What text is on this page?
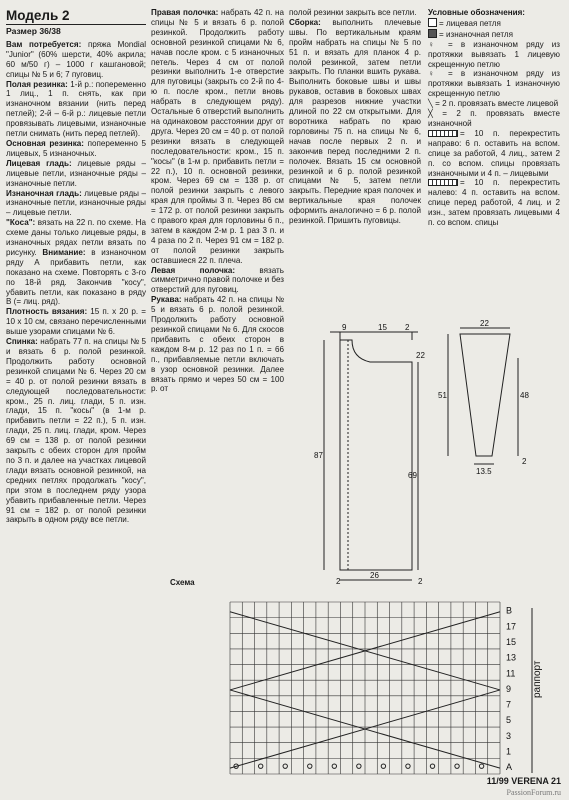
Модель 2
Размер 36/38

Вам потребуется: пряжа Mondial "Junior" (60% шерсти, 40% акрила; 60 м/50 г) – 1000 г кашгановой; спицы № 5 и 6; 7 пуговиц.

Полая резинка: 1-й р.: попеременно 1 лиц., 1 п. снять, как при изнаночном вязании (нить перед петлей); 2-й – 6-й р.: лицевые петли провязывать лицевыми, изнаночные петли снимать (нить перед петлей).

Основная резинка: попеременно 5 лицевых, 5 изнаночных.

Лицевая гладь: лицевые ряды – лицевые петли, изнаночные ряды – изнаночные петли.

Изнаночная гладь: лицевые ряды – изнаночные петли, изнаночные ряды – лицевые петли.

"Коса": вязать на 22 п. по схеме. На схеме даны только лицевые ряды, в изнаночных рядах петли вязать по рисунку. Внимание: в изнаночном ряду А прибавить петли, как показано на схеме. Повторять с 3-го по 18-й ряд. Закончив "косу", убавить петли, как показано в ряду В (= лиц. ряд).

Плотность вязания: 15 п. х 20 р. = 10 х 10 см, связано перечисленными выше узорами спицами № 6.

Спинка: набрать 77 п. на спицы № 5 и вязать 6 р. полой резинкой. Продолжить работу основной резинкой спицами № 6. Через 20 см = 40 р. от полой резинки вязать в следующей последовательности: кром., 25 п. лиц. глади, 5 п. изн. глади, 15 п. "косы" (в 1-м р. прибавить петли = 22 п.), 5 п. изн. глади, 25 п. лиц. глади, кром. Через 69 см = 138 р. от полой резинки закрыть с обеих сторон для пройм по 3 п. и далее на участках лицевой глади вязать основной резинкой, на средних петлях продолжать "косу", при этом в последнем ряду узора убавить прибавленные петли. Через 91 см = 182 р. от полой резинки закрыть в одном ряду все петли.

Правая полочка: набрать 42 п. на спицы № 5 и вязать 6 р. полой резинкой. Продолжить работу основной резинкой спицами № 6, начав после кром. с 5 изнаночных петель. Через 4 см от полой резинки выполнить 1-е отверстие для пуговицы (закрыть со 2-й по 4-ю п. после кром., петли вновь набрать в следующем ряду). Остальные 6 отверстий выполнить на одинаковом расстоянии друг от друга. Через 20 см = 40 р. от полой резинки вязать в следующей последовательности: кром., 15 п. "косы" (в 1-м р. прибавить петли = 22 п.), 10 п. основной резинки, кром. Через 69 см = 138 р. от полой резинки закрыть с левого края для проймы 3 п. Через 86 см = 172 р. от полой резинки закрыть с правого края для горловины 6 п., затем в каждом 2-м р. 1 раз 3 п. и 4 раза по 2 п. Через 91 см = 182 р. от полой резинки закрыть оставшиеся 22 п. плеча.

Левая полочка: вязать симметрично правой полочке и без отверстий для пуговиц.

Рукава: набрать 42 п. на спицы № 5 и вязать 6 р. полой резинкой. Продолжить работу основной резинкой спицами № 6. Для скосов прибавить с обеих сторон в каждом 8-м р. 12 раз по 1 п. = 66 п., прибавляемые петли включать в узор основной резинки. Далее вязать прямо и через 50 см = 100 р. от

полой резинки закрыть все петли.

Сборка: выполнить плечевые швы. По вертикальным краям пройм набрать на спицы № 5 по 51 п. и вязать для планок 4 р. полой резинкой, затем петли закрыть. По планки вшить рукава. Выполнить боковые швы и швы рукавов, оставив в боковых швах для разрезов нижние участки длиной по 22 см открытыми. Для воротника набрать по краю горловины 75 п. на спицы № 6, начав после первых 2 п. и закончив перед последними 2 п. полочек. Вязать 15 см основной резинкой и 6 р. полой резинкой спицами № 5, затем петли закрыть. Передние края полочек и вертикальные края полочек оформить аналогично = 6 р. полой резинкой. Пришить пуговицы.

Условные обозначения:

= лицевая петля

= изнаночная петля

♀ = в изнаночном ряду из протяжки вывязать 1 лицевую скрещенную петлю

♀ = в изнаночном ряду из протяжки вывязать 1 изнаночную скрещенную петлю

╲ = 2 п. провязать вместе лицевой

╳ = 2 п. провязать вместе изнаночной

= 10 п. перекрестить направо: 6 п. оставить на вспом. спице за работой, 4 лиц., затем 2 п. со вспом. спицы провязать изнаночными и 4 п. – лицевыми

= 10 п. перекрестить налево: 4 п. оставить на вспом. спице перед работой, 4 лиц. и 2 изн., затем провязать лицевыми 4 п. со вспом. спицы

9	15 2
22
87
69
2
26
2
22
51	48
13.5
2
Схема
B
17
15
13
11
9
7
5
3
1
A
раппорт
11/99 VERENA 21
PassionForum.ru
